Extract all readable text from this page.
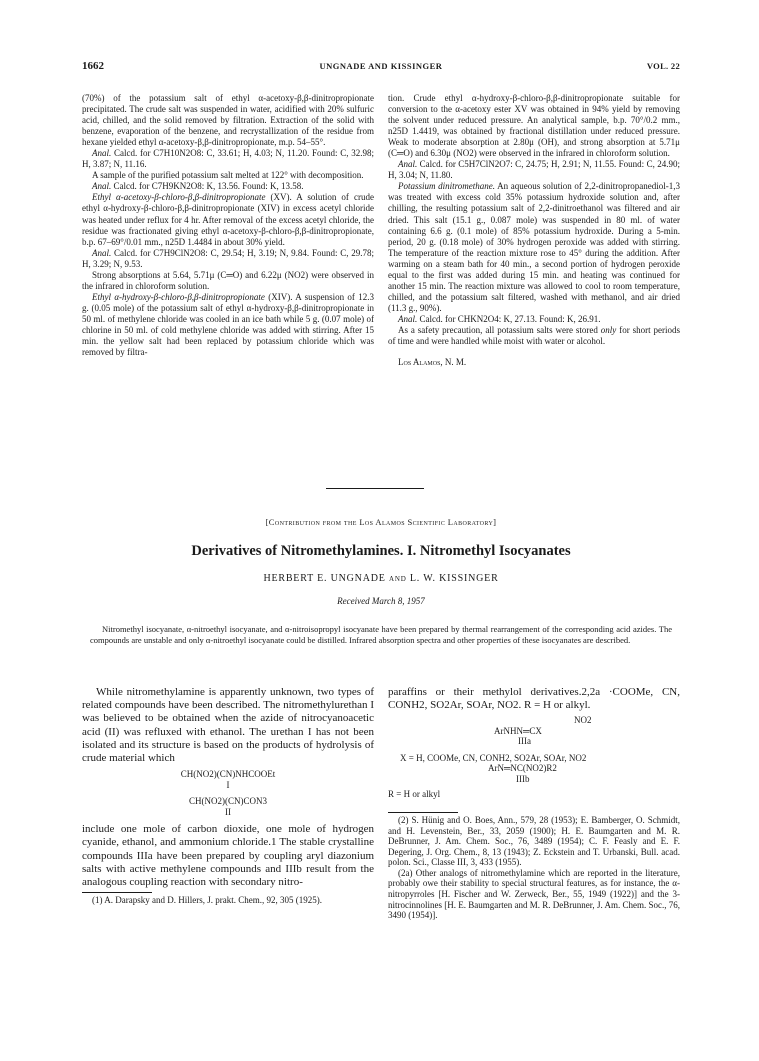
1662	UNGNADE AND KISSINGER	VOL. 22

(70%) of the potassium salt of ethyl α-acetoxy-β,β-dinitropropionate precipitated. The crude salt was suspended in water, acidified with 20% sulfuric acid, chilled, and the solid removed by filtration. Extraction of the solid with benzene, evaporation of the benzene, and recrystallization of the residue from hexane yielded ethyl α-acetoxy-β,β-dinitropropionate, m.p. 54–55°.

Anal. Calcd. for C7H10N2O8: C, 33.61; H, 4.03; N, 11.20. Found: C, 32.98; H, 3.87; N, 11.16.

A sample of the purified potassium salt melted at 122° with decomposition.

Anal. Calcd. for C7H9KN2O8: K, 13.56. Found: K, 13.58.

Ethyl α-acetoxy-β-chloro-β,β-dinitropropionate (XV). A solution of crude ethyl α-hydroxy-β-chloro-β,β-dinitropropionate (XIV) in excess acetyl chloride was heated under reflux for 4 hr. After removal of the excess acetyl chloride, the residue was fractionated giving ethyl α-acetoxy-β-chloro-β,β-dinitropropionate, b.p. 67–69°/0.01 mm., n25D 1.4484 in about 30% yield.

Anal. Calcd. for C7H9ClN2O8: C, 29.54; H, 3.19; N, 9.84. Found: C, 29.78; H, 3.29; N, 9.53.

Strong absorptions at 5.64, 5.71μ (C═O) and 6.22μ (NO2) were observed in the infrared in chloroform solution.

Ethyl α-hydroxy-β-chloro-β,β-dinitropropionate (XIV). A suspension of 12.3 g. (0.05 mole) of the potassium salt of ethyl α-hydroxy-β,β-dinitropropionate in 50 ml. of methylene chloride was cooled in an ice bath while 5 g. (0.07 mole) of chlorine in 50 ml. of cold methylene chloride was added with stirring. After 15 min. the yellow salt had been replaced by potassium chloride which was removed by filtra-

tion. Crude ethyl α-hydroxy-β-chloro-β,β-dinitropropionate suitable for conversion to the α-acetoxy ester XV was obtained in 94% yield by removing the solvent under reduced pressure. An analytical sample, b.p. 70°/0.2 mm., n25D 1.4419, was obtained by fractional distillation under reduced pressure. Weak to moderate absorption at 2.80μ (OH), and strong absorption at 5.71μ (C═O) and 6.30μ (NO2) were observed in the infrared in chloroform solution.

Anal. Calcd. for C5H7ClN2O7: C, 24.75; H, 2.91; N, 11.55. Found: C, 24.90; H, 3.04; N, 11.80.

Potassium dinitromethane. An aqueous solution of 2,2-dinitropropanediol-1,3 was treated with excess cold 35% potassium hydroxide solution and, after chilling, the resulting potassium salt of 2,2-dinitroethanol was filtered and air dried. This salt (15.1 g., 0.087 mole) was suspended in 80 ml. of water containing 6.6 g. (0.1 mole) of 85% potassium hydroxide. During a 5-min. period, 20 g. (0.18 mole) of 30% hydrogen peroxide was added with stirring. The temperature of the reaction mixture rose to 45° during the addition. After warming on a steam bath for 40 min., a second portion of hydrogen peroxide equal to the first was added during 15 min. and heating was continued for another 15 min. The reaction mixture was allowed to cool to room temperature, chilled, and the potassium salt filtered, washed with methanol, and air dried (11.3 g., 90%).

Anal. Calcd. for CHKN2O4: K, 27.13. Found: K, 26.91.

As a safety precaution, all potassium salts were stored only for short periods of time and were handled while moist with water or alcohol.

Los Alamos, N. M.

[Contribution from the Los Alamos Scientific Laboratory]
Derivatives of Nitromethylamines. I. Nitromethyl Isocyanates
HERBERT E. UNGNADE and L. W. KISSINGER
Received March 8, 1957
Nitromethyl isocyanate, α-nitroethyl isocyanate, and α-nitroisopropyl isocyanate have been prepared by thermal rearrangement of the corresponding acid azides. The compounds are unstable and only α-nitroethyl isocyanate could be distilled. Infrared absorption spectra and other properties of these isocyanates are described.

While nitromethylamine is apparently unknown, two types of related compounds have been described. The nitromethylurethan I was believed to be obtained when the azide of nitrocyanoacetic acid (II) was refluxed with ethanol. The urethan I has not been isolated and its structure is based on the products of hydrolysis of crude material which

CH(NO2)(CN)NHCOOEt
I
CH(NO2)(CN)CON3
II

include one mole of carbon dioxide, one mole of hydrogen cyanide, ethanol, and ammonium chloride.1 The stable crystalline compounds IIIa have been prepared by coupling aryl diazonium salts with active methylene compounds and IIIb result from the analogous coupling reaction with secondary nitro-

(1) A. Darapsky and D. Hillers, J. prakt. Chem., 92, 305 (1925).

paraffins or their methylol derivatives.2,2a ·COOMe, CN, CONH2, SO2Ar, SOAr, NO2. R = H or alkyl.

NO2
ArNHN═CX
IIIa
X = H, COOMe, CN, CONH2, SO2Ar, SOAr, NO2
ArN═NC(NO2)R2
IIIb
R = H or alkyl

(2) S. Hünig and O. Boes, Ann., 579, 28 (1953); E. Bamberger, O. Schmidt, and H. Levenstein, Ber., 33, 2059 (1900); H. E. Baumgarten and M. R. DeBrunner, J. Am. Chem. Soc., 76, 3489 (1954); C. F. Feasly and E. F. Degering, J. Org. Chem., 8, 13 (1943); Z. Eckstein and T. Urbanski, Bull. acad. polon. Sci., Classe III, 3, 433 (1955).

(2a) Other analogs of nitromethylamine which are reported in the literature, probably owe their stability to special structural features, as for instance, the α-nitropyrroles [H. Fischer and W. Zerweck, Ber., 55, 1949 (1922)] and the 3-nitrocinnolines [H. E. Baumgarten and M. R. DeBrunner, J. Am. Chem. Soc., 76, 3490 (1954)].
